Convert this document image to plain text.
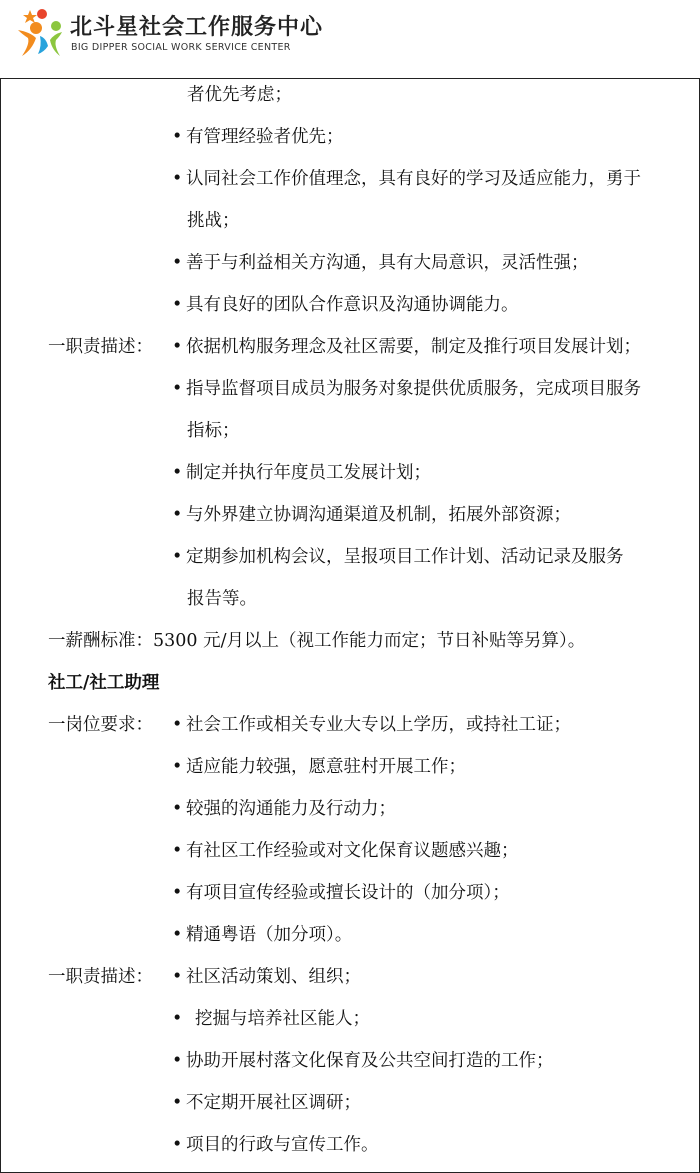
北斗星社会工作服务中心
BIG DIPPER SOCIAL WORK SERVICE CENTER
者优先考虑；
• 有管理经验者优先；
• 认同社会工作价值理念，具有良好的学习及适应能力，勇于
挑战；
• 善于与利益相关方沟通，具有大局意识，灵活性强；
• 具有良好的团队合作意识及沟通协调能力。
一职责描述： • 依据机构服务理念及社区需要，制定及推行项目发展计划；
• 指导监督项目成员为服务对象提供优质服务，完成项目服务
指标；
• 制定并执行年度员工发展计划；
• 与外界建立协调沟通渠道及机制，拓展外部资源；
• 定期参加机构会议，呈报项目工作计划、活动记录及服务
报告等。
一薪酬标准：5300 元/月以上（视工作能力而定；节日补贴等另算）。
社工/社工助理
一岗位要求： • 社会工作或相关专业大专以上学历，或持社工证；
• 适应能力较强，愿意驻村开展工作；
• 较强的沟通能力及行动力；
• 有社区工作经验或对文化保育议题感兴趣；
• 有项目宣传经验或擅长设计的（加分项）；
• 精通粤语（加分项）。
一职责描述： • 社区活动策划、组织；
• 挖掘与培养社区能人；
• 协助开展村落文化保育及公共空间打造的工作；
• 不定期开展社区调研；
• 项目的行政与宣传工作。
